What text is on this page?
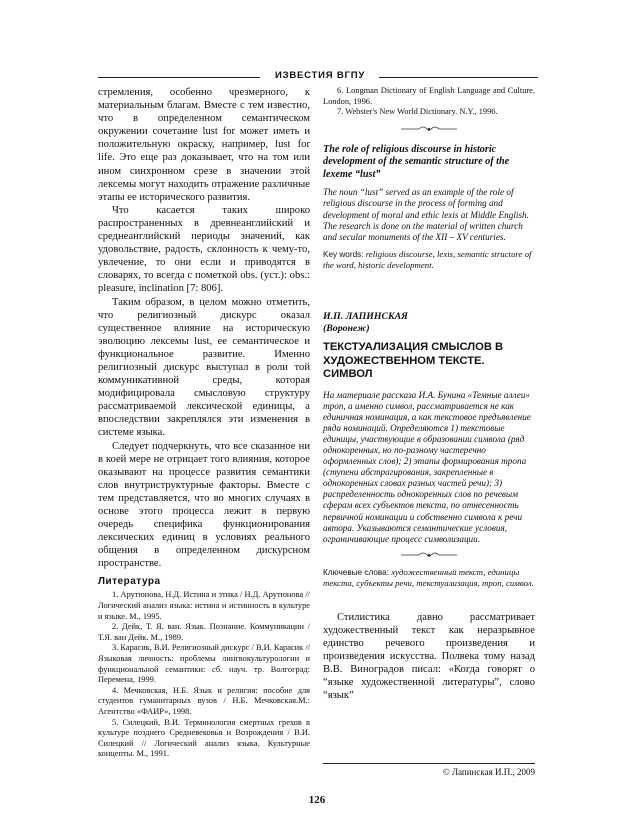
ИЗВЕСТИЯ ВГПУ

стремления, особенно чрезмерного, к материальным благам. Вместе с тем известно, что в определенном семантическом окружении сочетание lust for может иметь и положительную окраску, например, lust for life. Это еще раз доказывает, что на том или ином синхронном срезе в значении этой лексемы могут находить отражение различные этапы ее исторического развития.

Что касается таких широко распространенных в древнеанглийский и среднеанглийский периоды значений, как удовольствие, радость, склонность к чему-то, увлечение, то они если и приводятся в словарях, то всегда с пометкой obs. (уст.): obs.: pleasure, inclination [7: 806].

Таким образом, в целом можно отметить, что религиозный дискурс оказал существенное влияние на историческую эволюцию лексемы lust, ее семантическое и функциональное развитие. Именно религиозный дискурс выступал в роли той коммуникативной среды, которая модифицировала смысловую структуру рассматриваемой лексической единицы, а впоследствии закреплялся эти изменения в системе языка.

Следует подчеркнуть, что все сказанное ни в коей мере не отрицает того влияния, которое оказывают на процессе развития семантики слов внутриструктурные факторы. Вместе с тем представляется, что во многих случаях в основе этого процесса лежит в первую очередь специфика функционирования лексических единиц в условиях реального общения в определенном дискурсном пространстве.

Литература
1. Арутюнова, Н.Д. Истина и этика / Н.Д. Арутюнова // Логический анализ языка: истина и истинность в культуре и языке. М., 1995.
2. Дейк, Т. Я. ван. Язык. Познание. Коммуникации / Т.Я. ван Дейк. М., 1989.
3. Карасик, В.И. Религиозный дискурс / В.И. Карасик // Языковая личность: проблемы лингвокультурологии и функциональной семантики: сб. науч. тр. Волгоград: Перемена, 1999.
4. Мечковская, Н.Б. Язык и религия: пособие для студентов гуманитарных вузов / Н.Б. Мечковская.М.: Агентство «ФАИР», 1998.
5. Силецкий, В.И. Терминология смертных грехов в культуре позднего Средневековья и Возрождения / В.И. Силецкий // Логический анализ языка. Культурные концепты. М., 1991.
6. Longman Dictionary of English Language and Culture. London, 1996.
7. Webster's New World Dictionary. N.Y., 1996.
The role of religious discourse in historic development of the semantic structure of the lexeme “lust”
The noun “lust” served as an example of the role of religious discourse in the process of forming and development of moral and ethic lexis at Middle English. The research is done on the material of written church and secular monuments of the XII – XV centuries.
Key words: religious discourse, lexis, semantic structure of the word, historic development.
И.П. ЛАПИНСКАЯ
(Воронеж)
ТЕКСТУАЛИЗАЦИЯ СМЫСЛОВ В ХУДОЖЕСТВЕННОМ ТЕКСТЕ. СИМВОЛ
На материале рассказа И.А. Бунина «Темные аллеи» троп, а именно символ, рассматривается не как единичная номинация, а как текстовое предъявление ряда номинаций. Определяются 1) текстовые единицы, участвующие в образовании символа (ряд однокоренных, но по-разному частеречно оформленных слов); 2) этапы формирования тропа (ступени абстрагирования, закрепленные в однокоренных словах разных частей речи); 3) распределенность однокоренных слов по речевым сферам всех субъектов текста, по отнесенность первичной номинации и собственно символа к речи автора. Указываются семантические условия, ограничивающие процесс символизации.
Ключевые слова: художественный текст, единицы текста, субъекты речи, текстуализация, троп, символ.

Стилистика давно рассматривает художественный текст как неразрывное единство речевого произведения и произведения искусства. Полвека тому назад В.В. Виноградов писал: «Когда говорят о “языке художественной литературы”, слово “язык”

© Лапинская И.П., 2009
126
